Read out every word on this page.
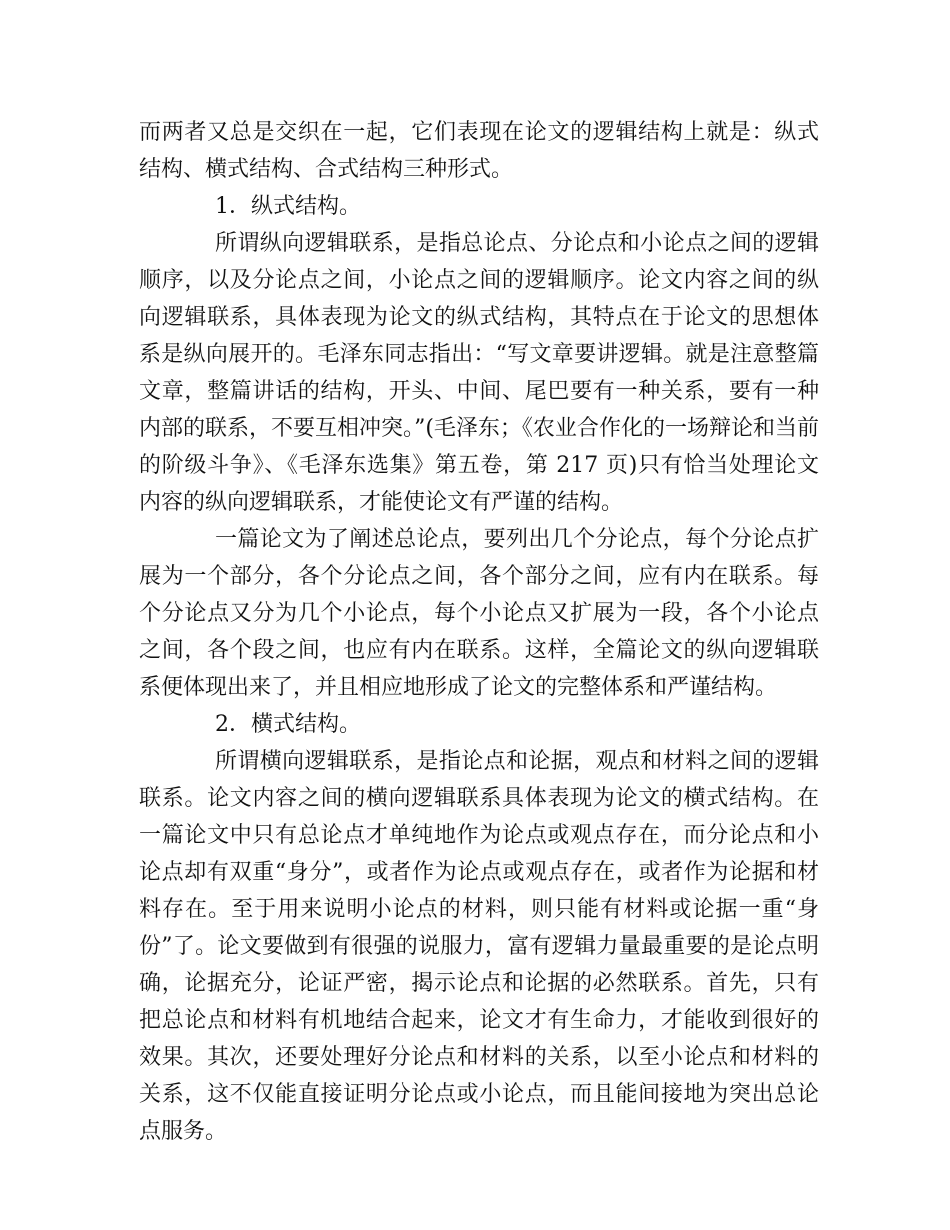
而两者又总是交织在一起，它们表现在论文的逻辑结构上就是：纵式结构、横式结构、合式结构三种形式。

1．纵式结构。

所谓纵向逻辑联系，是指总论点、分论点和小论点之间的逻辑顺序，以及分论点之间，小论点之间的逻辑顺序。论文内容之间的纵向逻辑联系，具体表现为论文的纵式结构，其特点在于论文的思想体系是纵向展开的。毛泽东同志指出：“写文章要讲逻辑。就是注意整篇文章，整篇讲话的结构，开头、中间、尾巴要有一种关系，要有一种内部的联系，不要互相冲突。”(毛泽东；《农业合作化的一场辩论和当前的阶级斗争》、《毛泽东选集》第五卷，第 217 页)只有恰当处理论文内容的纵向逻辑联系，才能使论文有严谨的结构。

一篇论文为了阐述总论点，要列出几个分论点，每个分论点扩展为一个部分，各个分论点之间，各个部分之间，应有内在联系。每个分论点又分为几个小论点，每个小论点又扩展为一段，各个小论点之间，各个段之间，也应有内在联系。这样，全篇论文的纵向逻辑联系便体现出来了，并且相应地形成了论文的完整体系和严谨结构。

2．横式结构。

所谓横向逻辑联系，是指论点和论据，观点和材料之间的逻辑联系。论文内容之间的横向逻辑联系具体表现为论文的横式结构。在一篇论文中只有总论点才单纯地作为论点或观点存在，而分论点和小论点却有双重“身分”，或者作为论点或观点存在，或者作为论据和材料存在。至于用来说明小论点的材料，则只能有材料或论据一重“身份”了。论文要做到有很强的说服力，富有逻辑力量最重要的是论点明确，论据充分，论证严密，揭示论点和论据的必然联系。首先，只有把总论点和材料有机地结合起来，论文才有生命力，才能收到很好的效果。其次，还要处理好分论点和材料的关系，以至小论点和材料的关系，这不仅能直接证明分论点或小论点，而且能间接地为突出总论点服务。
